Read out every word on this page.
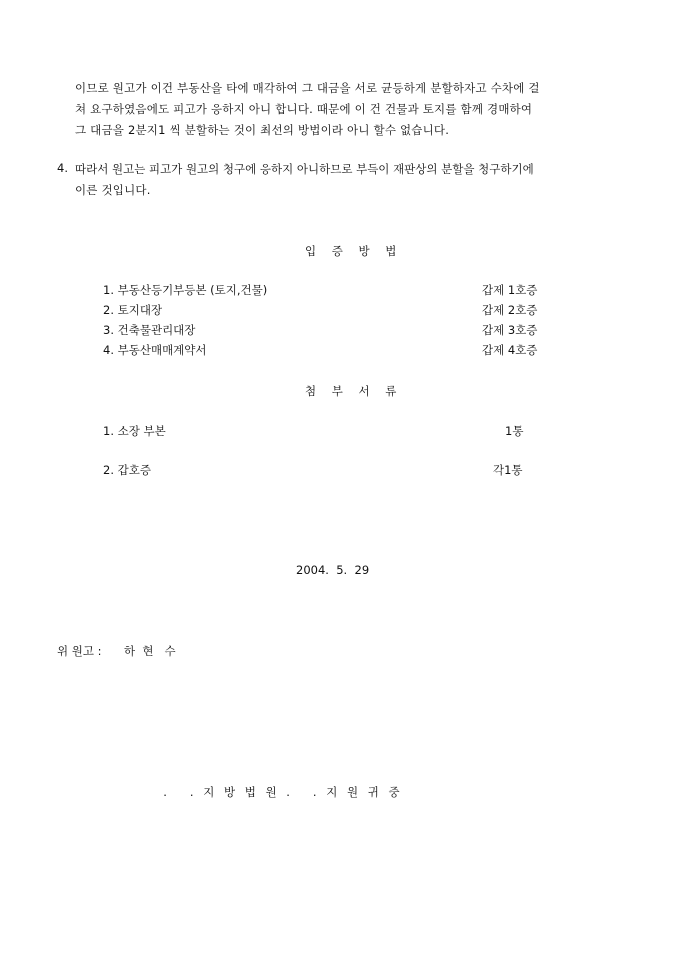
이므로 원고가 이건 부동산을 타에 매각하여 그 대금을 서로 균등하게 분할하자고 수차에 걸
쳐 요구하였음에도 피고가 응하지 아니 합니다. 때문에 이 건 건물과 토지를 함께 경매하여
그 대금을 2분지1 씩 분할하는 것이 최선의 방법이라 아니 할수 없습니다.
4. 따라서 원고는 피고가 원고의 청구에 응하지 아니하므로 부득이 재판상의 분할을 청구하기에
이른 것입니다.
입 증 방 법
1. 부동산등기부등본 (토지,건물)	갑제 1호증
2. 토지대장	갑제 2호증
3. 건축물관리대장	갑제 3호증
4. 부동산매매계약서	갑제 4호증
첨 부 서 류
1. 소장 부본	1통
2. 갑호증	각1통
2004.  5.  29
위 원고 : 하  현   수
.   . 지 방 법 원 .   . 지 원 귀 중
